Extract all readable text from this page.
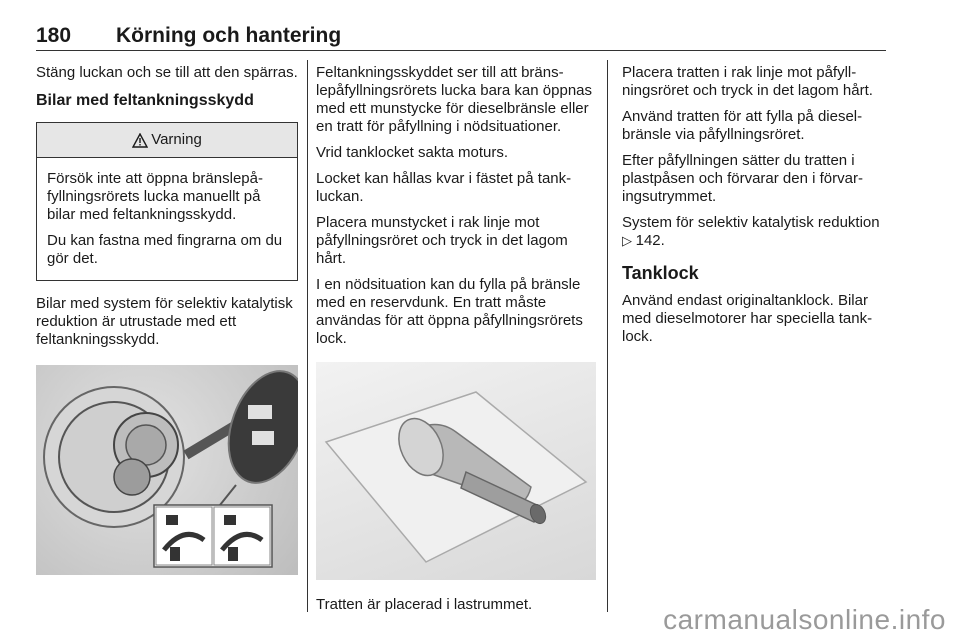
180 Körning och hantering

Stäng luckan och se till att den spärras.

Bilar med feltankningsskydd
Varning

Försök inte att öppna bränslepåfyllningsrörets lucka manuellt på bilar med feltankningsskydd.

Du kan fastna med fingrarna om du gör det.

Bilar med system för selektiv katalytisk reduktion är utrustade med ett feltankningsskydd.

Feltankningsskyddet ser till att bränslepåfyllningsrörets lucka bara kan öppnas med ett munstycke för dieselbränsle eller en tratt för påfyllning i nödsituationer.

Vrid tanklocket sakta moturs.

Locket kan hållas kvar i fästet på tankluckan.

Placera munstycket i rak linje mot påfyllningsröret och tryck in det lagom hårt.

I en nödsituation kan du fylla på bränsle med en reservdunk. En tratt måste användas för att öppna påfyllningsrörets lock.

Tratten är placerad i lastrummet.

Placera tratten i rak linje mot påfyllningsröret och tryck in det lagom hårt.

Använd tratten för att fylla på dieselbränsle via påfyllningsröret.

Efter påfyllningen sätter du tratten i plastpåsen och förvarar den i förvaringsutrymmet.

System för selektiv katalytisk reduktion ▷ 142.

Tanklock

Använd endast originaltanklock. Bilar med dieselmotorer har speciella tanklock.

carmanualsonline.info
